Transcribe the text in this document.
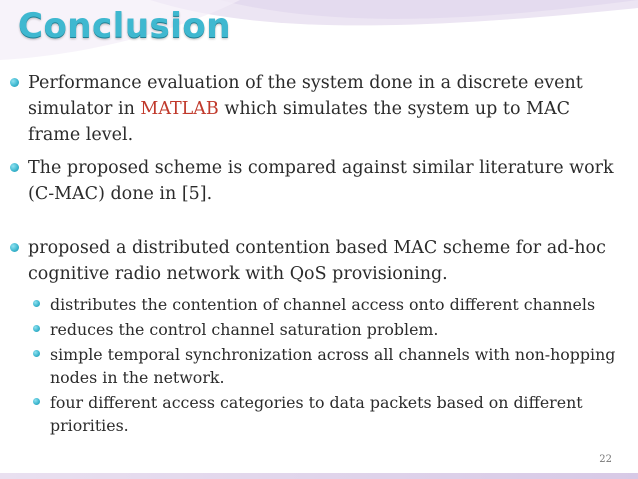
Conclusion
Performance evaluation of the system done in a discrete event simulator in MATLAB which simulates the system up to MAC frame level.
The proposed scheme is compared against similar literature work (C-MAC) done in [5].
proposed a distributed contention based MAC scheme for ad-hoc cognitive radio network with QoS provisioning.
distributes the contention of channel access onto different channels
reduces the control channel saturation problem.
simple temporal synchronization across all channels with non-hopping nodes in the network.
four different access categories to data packets based on different priorities.
22
